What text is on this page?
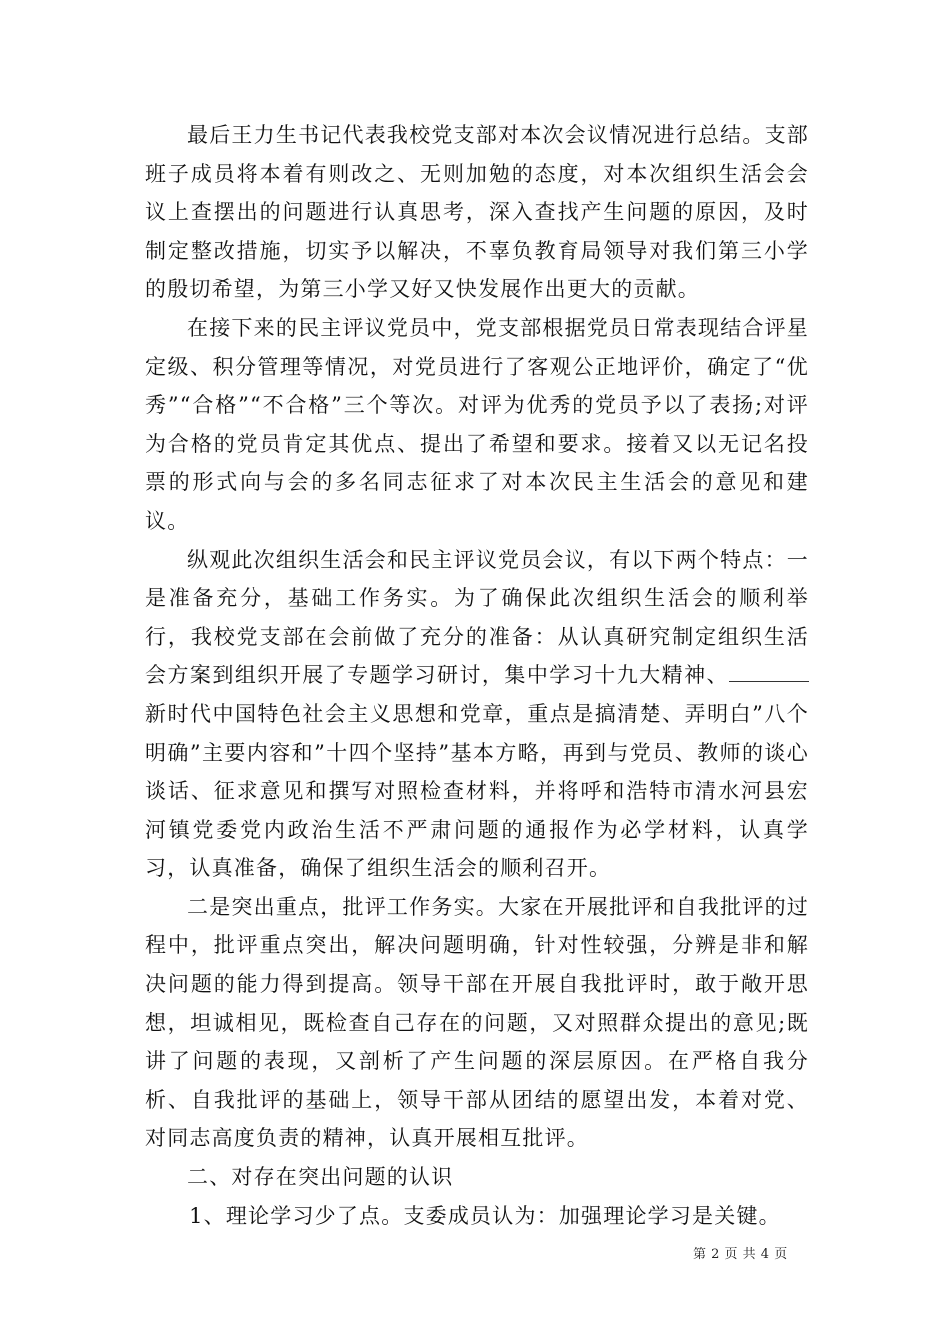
最后王力生书记代表我校党支部对本次会议情况进行总结。支部班子成员将本着有则改之、无则加勉的态度，对本次组织生活会会议上查摆出的问题进行认真思考，深入查找产生问题的原因，及时制定整改措施，切实予以解决，不辜负教育局领导对我们第三小学的殷切希望，为第三小学又好又快发展作出更大的贡献。

在接下来的民主评议党员中，党支部根据党员日常表现结合评星定级、积分管理等情况，对党员进行了客观公正地评价，确定了“优秀”“合格”“不合格”三个等次。对评为优秀的党员予以了表扬;对评为合格的党员肯定其优点、提出了希望和要求。接着又以无记名投票的形式向与会的多名同志征求了对本次民主生活会的意见和建议。

纵观此次组织生活会和民主评议党员会议，有以下两个特点：一是准备充分，基础工作务实。为了确保此次组织生活会的顺利举行，我校党支部在会前做了充分的准备：从认真研究制定组织生活会方案到组织开展了专题学习研讨，集中学习十九大精神、新时代中国特色社会主义思想和党章，重点是搞清楚、弄明白”八个明确”主要内容和”十四个坚持”基本方略，再到与党员、教师的谈心谈话、征求意见和撰写对照检查材料，并将呼和浩特市清水河县宏河镇党委党内政治生活不严肃问题的通报作为必学材料，认真学习，认真准备，确保了组织生活会的顺利召开。

二是突出重点，批评工作务实。大家在开展批评和自我批评的过程中，批评重点突出，解决问题明确，针对性较强，分辨是非和解决问题的能力得到提高。领导干部在开展自我批评时，敢于敞开思想，坦诚相见，既检查自己存在的问题，又对照群众提出的意见;既讲了问题的表现，又剖析了产生问题的深层原因。在严格自我分析、自我批评的基础上，领导干部从团结的愿望出发，本着对党、对同志高度负责的精神，认真开展相互批评。

二、对存在突出问题的认识

1、理论学习少了点。支委成员认为：加强理论学习是关键。

第 2 页 共 4 页
